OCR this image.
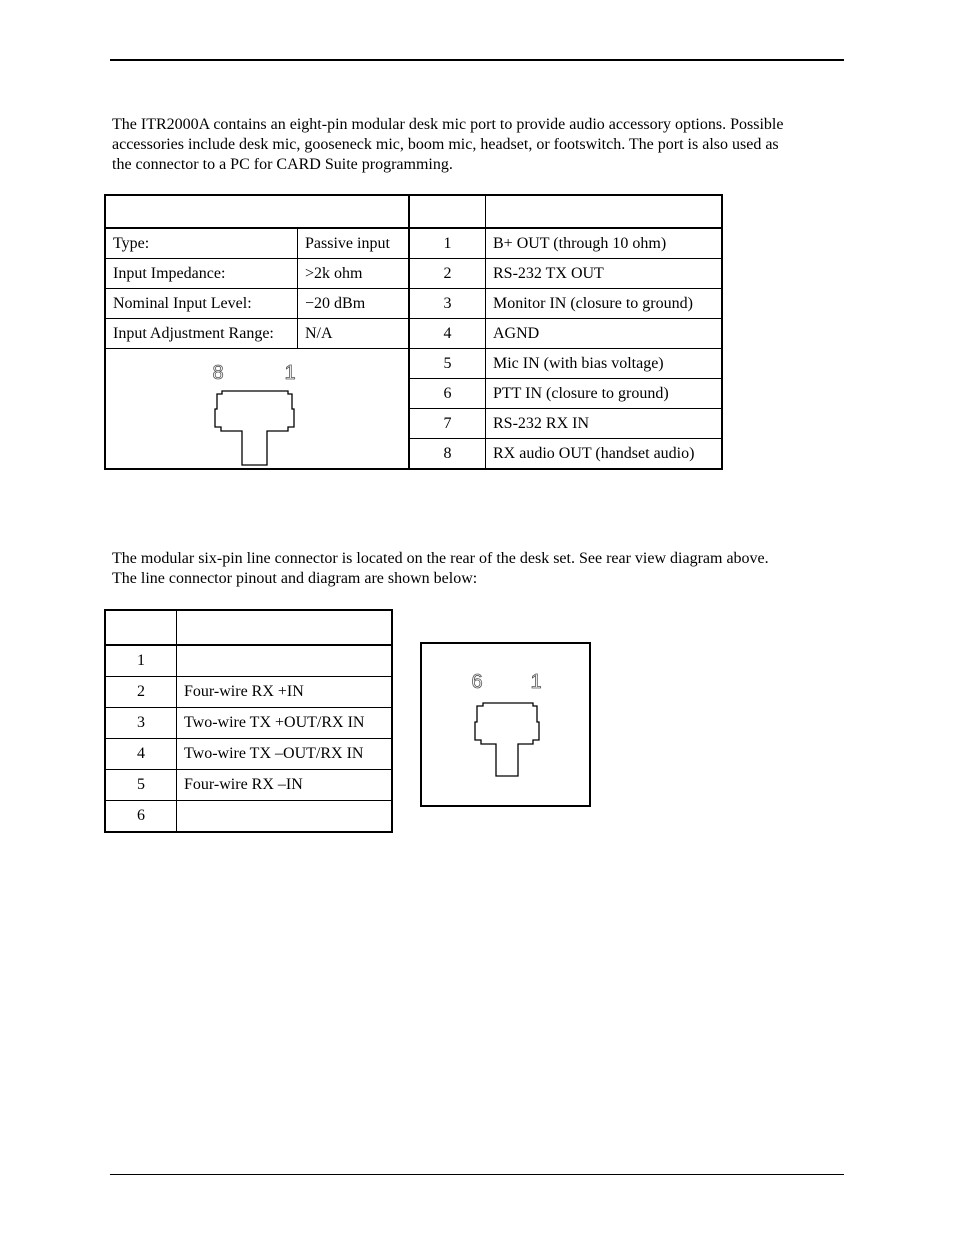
The ITR2000A contains an eight-pin modular desk mic port to provide audio accessory options. Possible
accessories include desk mic, gooseneck mic, boom mic, headset, or footswitch. The port is also used as
the connector to a PC for CARD Suite programming.

Type:	Passive input	1	B+ OUT (through 10 ohm)
Input Impedance:	>2k ohm	2	RS-232 TX OUT
Nominal Input Level:	−20 dBm	3	Monitor IN (closure to ground)
Input Adjustment Range:	N/A	4	AGND

8 1		5	Mic IN (with bias voltage)
		6	PTT IN (closure to ground)
		7	RS-232 RX IN
		8	RX audio OUT (handset audio)

The modular six-pin line connector is located on the rear of the desk set. See rear view diagram above.
The line connector pinout and diagram are shown below:

1	
2	Four-wire RX +IN
3	Two-wire TX +OUT/RX IN
4	Two-wire TX –OUT/RX IN
5	Four-wire RX –IN
6	
6 1
